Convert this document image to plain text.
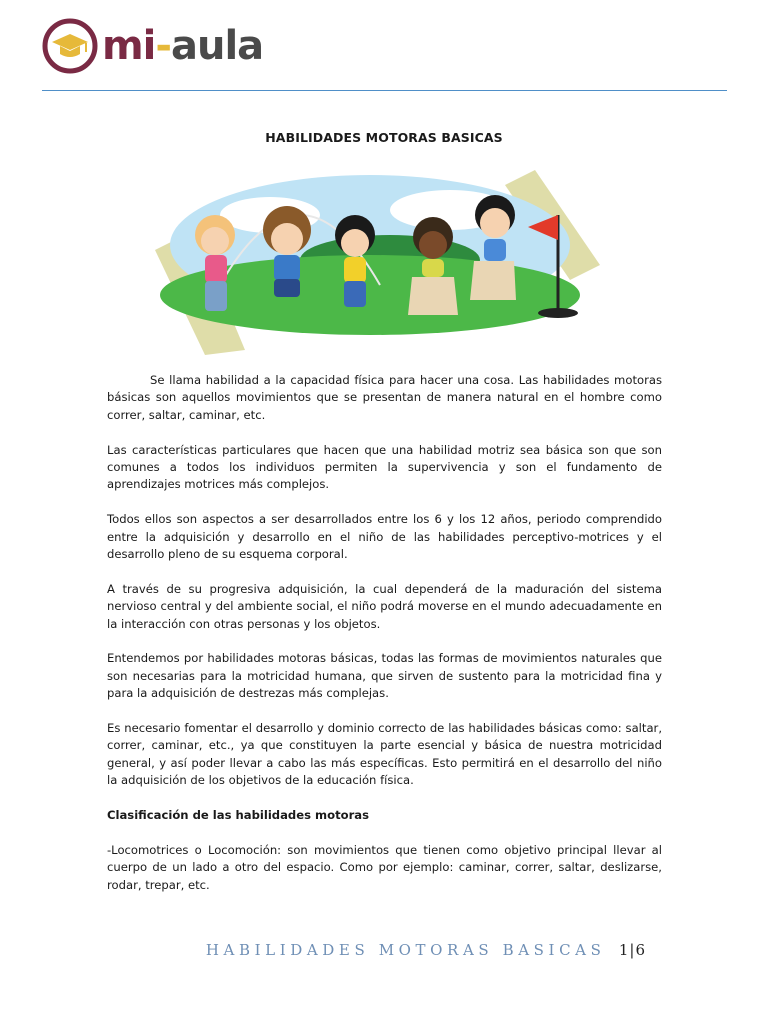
mi-aula
HABILIDADES MOTORAS BASICAS

Se llama habilidad a la capacidad física para hacer una cosa. Las habilidades motoras básicas son aquellos movimientos que se presentan de manera natural en el hombre como correr, saltar, caminar, etc.

Las características particulares que hacen que una habilidad motriz sea básica son que son comunes a todos los individuos permiten la supervivencia y son el fundamento de aprendizajes motrices más complejos.

Todos ellos son aspectos a ser desarrollados entre los 6 y los 12 años, periodo comprendido entre la adquisición y desarrollo en el niño de las habilidades perceptivo-motrices y el desarrollo pleno de su esquema corporal.

A través de su progresiva adquisición, la cual dependerá de la maduración del sistema nervioso central y del ambiente social, el niño podrá moverse en el mundo adecuadamente en la interacción con otras personas y los objetos.

Entendemos por habilidades motoras básicas, todas las formas de movimientos naturales que son necesarias para la motricidad humana, que sirven de sustento para la motricidad fina y para la adquisición de destrezas más complejas.

Es necesario fomentar el desarrollo y dominio correcto de las habilidades básicas como: saltar, correr, caminar, etc., ya que constituyen la parte esencial y básica de nuestra motricidad general, y así poder llevar a cabo las más específicas. Esto permitirá en el desarrollo del niño la adquisición de los objetivos de la educación física.

Clasificación de las habilidades motoras

-Locomotrices o Locomoción: son movimientos que tienen como objetivo principal llevar al cuerpo de un lado a otro del espacio. Como por ejemplo: caminar, correr, saltar, deslizarse, rodar, trepar, etc.

HABILIDADES MOTORAS BASICAS 1|6
